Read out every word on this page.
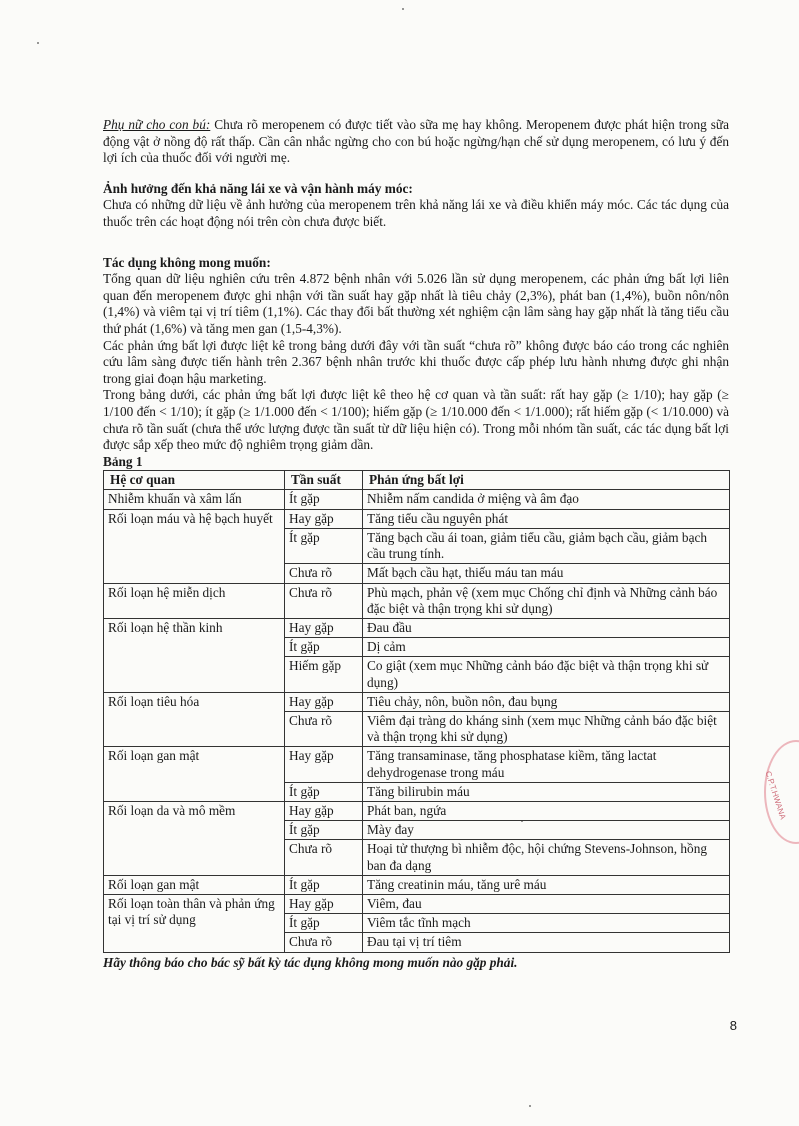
Phụ nữ cho con bú: Chưa rõ meropenem có được tiết vào sữa mẹ hay không. Meropenem được phát hiện trong sữa động vật ở nồng độ rất thấp. Cần cân nhắc ngừng cho con bú hoặc ngừng/hạn chế sử dụng meropenem, có lưu ý đến lợi ích của thuốc đối với người mẹ.

Ảnh hưởng đến khả năng lái xe và vận hành máy móc:

Chưa có những dữ liệu về ảnh hưởng của meropenem trên khả năng lái xe và điều khiển máy móc. Các tác dụng của thuốc trên các hoạt động nói trên còn chưa được biết.

Tác dụng không mong muốn:

Tổng quan dữ liệu nghiên cứu trên 4.872 bệnh nhân với 5.026 lần sử dụng meropenem, các phản ứng bất lợi liên quan đến meropenem được ghi nhận với tần suất hay gặp nhất là tiêu chảy (2,3%), phát ban (1,4%), buồn nôn/nôn (1,4%) và viêm tại vị trí tiêm (1,1%). Các thay đổi bất thường xét nghiệm cận lâm sàng hay gặp nhất là tăng tiểu cầu thứ phát (1,6%) và tăng men gan (1,5-4,3%).

Các phản ứng bất lợi được liệt kê trong bảng dưới đây với tần suất “chưa rõ” không được báo cáo trong các nghiên cứu lâm sàng được tiến hành trên 2.367 bệnh nhân trước khi thuốc được cấp phép lưu hành nhưng được ghi nhận trong giai đoạn hậu marketing.

Trong bảng dưới, các phản ứng bất lợi được liệt kê theo hệ cơ quan và tần suất: rất hay gặp (≥ 1/10); hay gặp (≥ 1/100 đến < 1/10); ít gặp (≥ 1/1.000 đến < 1/100); hiếm gặp (≥ 1/10.000 đến < 1/1.000); rất hiếm gặp (< 1/10.000) và chưa rõ tần suất (chưa thể ước lượng được tần suất từ dữ liệu hiện có). Trong mỗi nhóm tần suất, các tác dụng bất lợi được sắp xếp theo mức độ nghiêm trọng giảm dần.

Bảng 1

Hệ cơ quan	Tần suất	Phản ứng bất lợi
Nhiễm khuẩn và xâm lấn	Ít gặp	Nhiễm nấm candida ở miệng và âm đạo
Rối loạn máu và hệ bạch huyết	Hay gặp	Tăng tiểu cầu nguyên phát
	Ít gặp	Tăng bạch cầu ái toan, giảm tiểu cầu, giảm bạch cầu, giảm bạch cầu trung tính.
	Chưa rõ	Mất bạch cầu hạt, thiếu máu tan máu
Rối loạn hệ miễn dịch	Chưa rõ	Phù mạch, phản vệ (xem mục Chống chỉ định và Những cảnh báo đặc biệt và thận trọng khi sử dụng)
Rối loạn hệ thần kinh	Hay gặp	Đau đầu
	Ít gặp	Dị cảm
	Hiếm gặp	Co giật (xem mục Những cảnh báo đặc biệt và thận trọng khi sử dụng)
Rối loạn tiêu hóa	Hay gặp	Tiêu chảy, nôn, buồn nôn, đau bụng
	Chưa rõ	Viêm đại tràng do kháng sinh (xem mục Những cảnh báo đặc biệt và thận trọng khi sử dụng)
Rối loạn gan mật	Hay gặp	Tăng transaminase, tăng phosphatase kiềm, tăng lactat dehydrogenase trong máu
	Ít gặp	Tăng bilirubin máu
Rối loạn da và mô mềm	Hay gặp	Phát ban, ngứa
	Ít gặp	Mày đay
	Chưa rõ	Hoại tử thượng bì nhiễm độc, hội chứng Stevens-Johnson, hồng ban đa dạng
Rối loạn gan mật	Ít gặp	Tăng creatinin máu, tăng urê máu
Rối loạn toàn thân và phản ứng tại vị trí sử dụng	Hay gặp	Viêm, đau
	Ít gặp	Viêm tắc tĩnh mạch
	Chưa rõ	Đau tại vị trí tiêm

Hãy thông báo cho bác sỹ bất kỳ tác dụng không mong muốn nào gặp phải.

C.P.T.HWANA
8
